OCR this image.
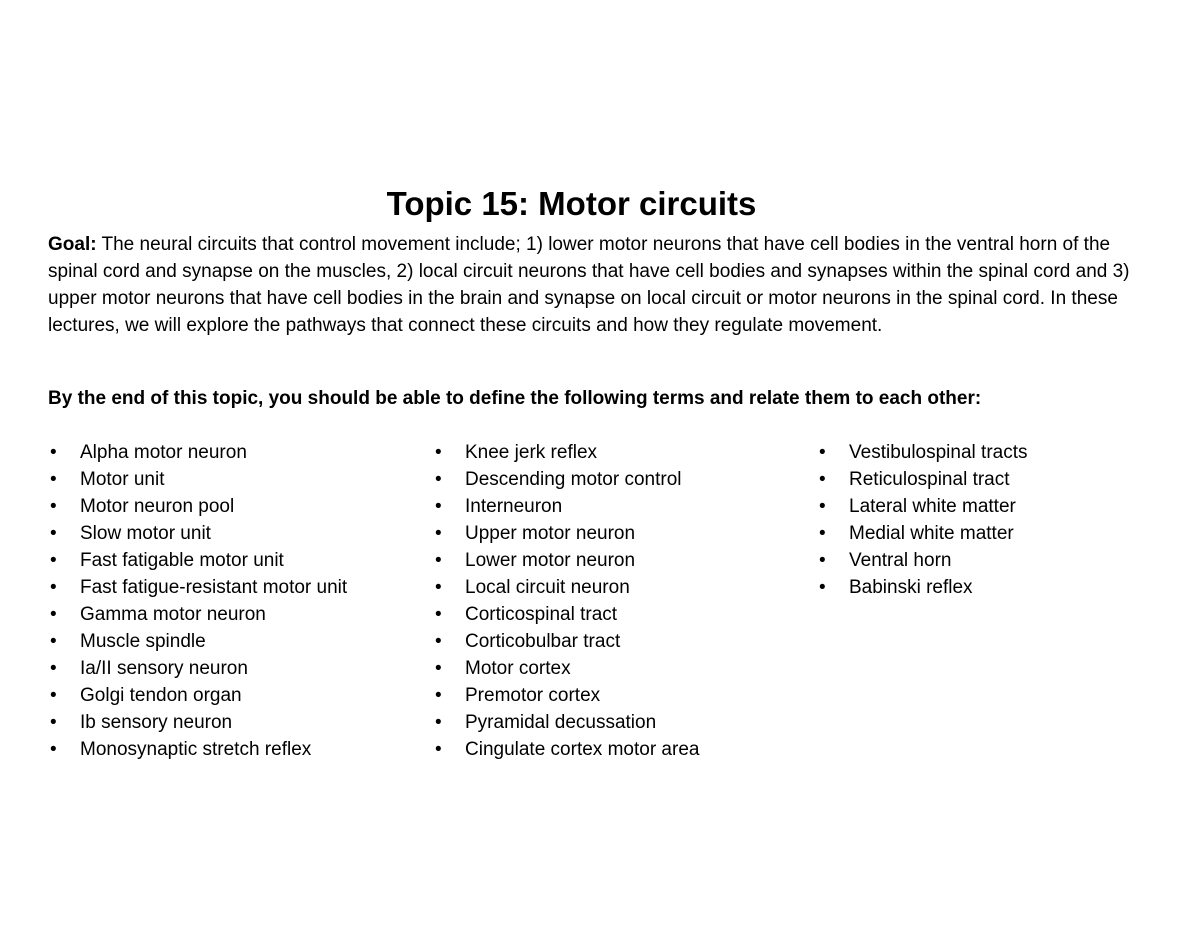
Topic 15: Motor circuits

Goal: The neural circuits that control movement include; 1) lower motor neurons that have cell bodies in the ventral horn of the spinal cord and synapse on the muscles, 2) local circuit neurons that have cell bodies and synapses within the spinal cord and 3) upper motor neurons that have cell bodies in the brain and synapse on local circuit or motor neurons in the spinal cord. In these lectures, we will explore the pathways that connect these circuits and how they regulate movement.

By the end of this topic, you should be able to define the following terms and relate them to each other:

• Alpha motor neuron
• Motor unit
• Motor neuron pool
• Slow motor unit
• Fast fatigable motor unit
• Fast fatigue-resistant motor unit
• Gamma motor neuron
• Muscle spindle
• Ia/II sensory neuron
• Golgi tendon organ
• Ib sensory neuron
• Monosynaptic stretch reflex
• Knee jerk reflex
• Descending motor control
• Interneuron
• Upper motor neuron
• Lower motor neuron
• Local circuit neuron
• Corticospinal tract
• Corticobulbar tract
• Motor cortex
• Premotor cortex
• Pyramidal decussation
• Cingulate cortex motor area
• Vestibulospinal tracts
• Reticulospinal tract
• Lateral white matter
• Medial white matter
• Ventral horn
• Babinski reflex
